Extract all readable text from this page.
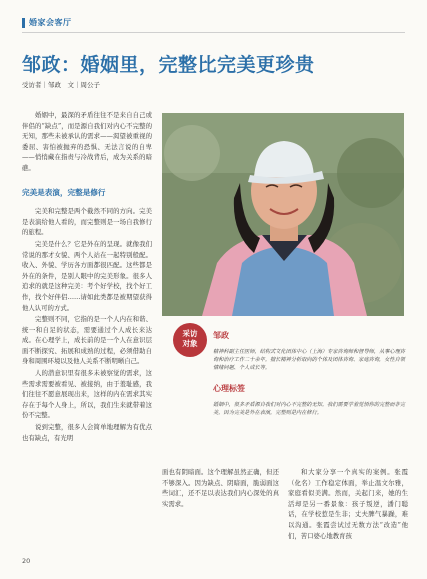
婚家会客厅
邹政：婚姻里，完整比完美更珍贵
受访者｜邹政　文｜周公子

婚姻中，最深的矛盾往往不是来自自己或伴侣的“缺点”，而是源自我们对内心不完整的无知，那些未被承认的需求——渴望被重视的委屈、害怕被抛弃的恐惧、无法言说的自卑——悄悄藏在指责与冷战背后，成为关系的暗礁。

完美是表演，完整是修行

完美和完整是两个截然不同的方向。完美是表演给他人看的，而完整则是一场自我修行的旅程。

完美是什么？它是外在的呈现。就像我们常说的那才女貌、两个人站在一起特别般配。收入、外貌、学历各方面都很匹配。这些都是外在的条件，是别人眼中的完美形象。很多人追求的就是这种完美：考个好学校，找个好工作，找个好伴侣……请如此类都是被期望获得他人认可的方式。

完整则不同，它指的是一个人内在和谐、统一和自足的状态，需要通过个人成长来达成。在心理学上，成长前的是一个人在意识层面不断探究、拓展和成熟的过程，必须借助自身和周围环境以及他人关系不断明晰自己。

人的潜意识里有很多未被察觉的需求，这些需求需要被看见、被接纳，由于羞耻感，我们往往不愿意展现出来，这样的内在需求其实存在于每个人身上，所以，我们生来就带着这份不完整。

说到完整，很多人会简单地理解为有优点也有缺点，有光明

采访
对象
邹政

精神科副主任医师，结构式文化团体中心（上海）专家咨询师和督导师，从事心理咨询和治疗工作二十余年。擅长精神分析取向的个体及团体咨询、家庭咨询，女性自领情绪问题、个人成长等。

心理标签

婚姻中，很多矛盾源自我们对内心不完整的无知。我们需要学着觉悟你的完整而非完美，因为完美是外在表演，完整则是内在修行。

面也有阴暗面。这个理解虽然正确，但还不够深入。因为缺点、阴暗面，脆弱面这些词汇，还不足以表达我们内心深处的真实需求。

和大家分享一个真实的案例。张霞（化名）工作稳定体面，举止温文尔雅，家庭看似美满。然而，关起门来，她的生活却是另一番景象：孩子叛逆，潘门聪话，在学校惹是生非；丈夫脾气暴躁，难以沟通。张霞尝试过无数方法“改造”他们，苦口婆心地教育孩

20
